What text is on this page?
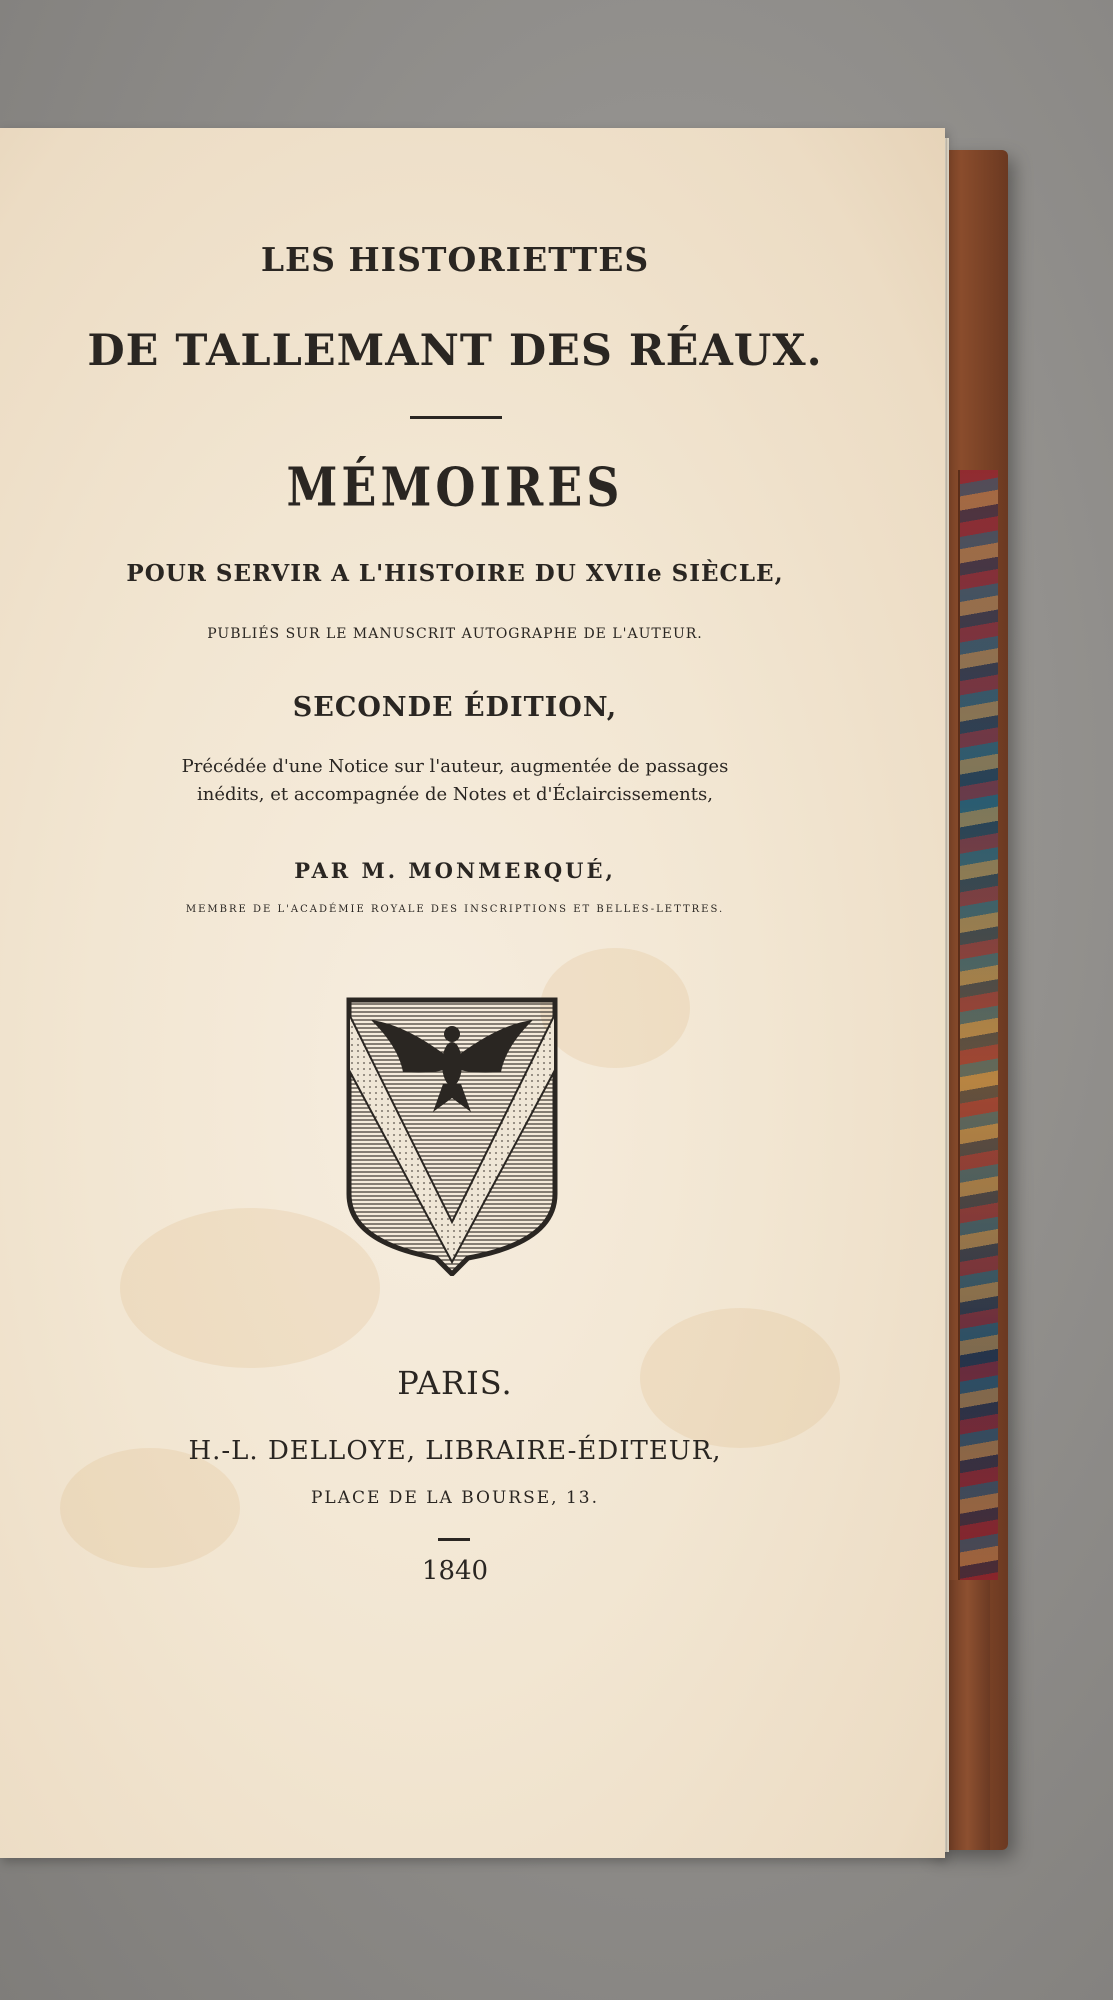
LES HISTORIETTES

DE TALLEMANT DES RÉAUX.

MÉMOIRES

POUR SERVIR A L'HISTOIRE DU XVIIe SIÈCLE,

PUBLIÉS SUR LE MANUSCRIT AUTOGRAPHE DE L'AUTEUR.

SECONDE ÉDITION,

Précédée d'une Notice sur l'auteur, augmentée de passages

inédits, et accompagnée de Notes et d'Éclaircissements,

PAR M. MONMERQUÉ,

MEMBRE DE L'ACADÉMIE ROYALE DES INSCRIPTIONS ET BELLES-LETTRES.

PARIS.

H.-L. DELLOYE, LIBRAIRE-ÉDITEUR,

PLACE DE LA BOURSE, 13.

1840
